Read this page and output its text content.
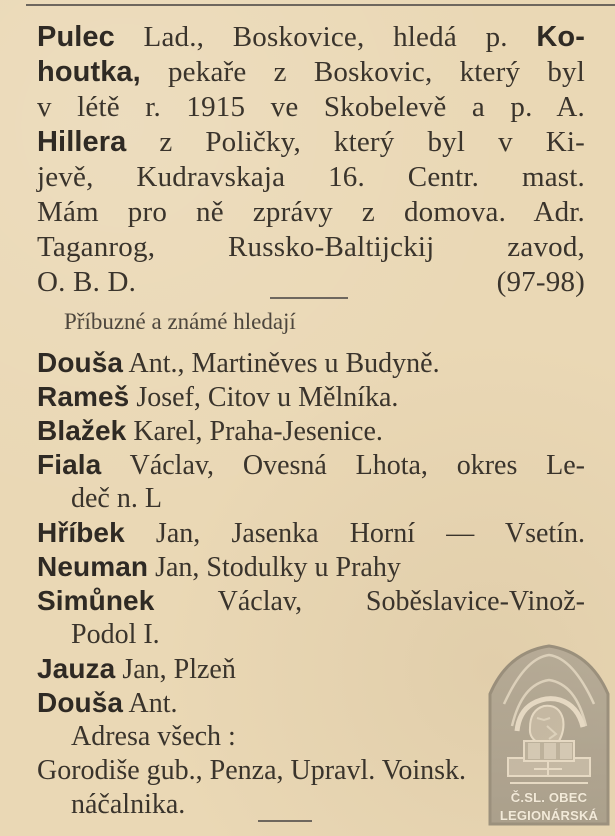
Pulec Lad., Boskovice, hledá p. Ko-
houtka, pekaře z Boskovic, který byl
v létě r. 1915 ve Skobelevě a p. A.
Hillera z Poličky, který byl v Ki-
jevě, Kudravskaja 16. Centr. mast.
Mám pro ně zprávy z domova. Adr.
Taganrog, Russko-Baltijckij zavod,
O. B. D.	(97-98)
Příbuzné a známé hledají
Douša Ant., Martiněves u Budyně.
Rameš Josef, Citov u Mělníka.
Blažek Karel, Praha-Jesenice.
Fiala Václav, Ovesná Lhota, okres Le-
deč n. L
Hříbek Jan, Jasenka Horní — Vsetín.
Neuman Jan, Stodulky u Prahy
Simůnek Václav, Soběslavice-Vinož-
Podol I.
Jauza Jan, Plzeň
Douša Ant.
Adresa všech :
Gorodiše gub., Penza, Upravl. Voinsk.
náčalnika.	Č.SL. OBEC
LEGIONÁRSKÁ
